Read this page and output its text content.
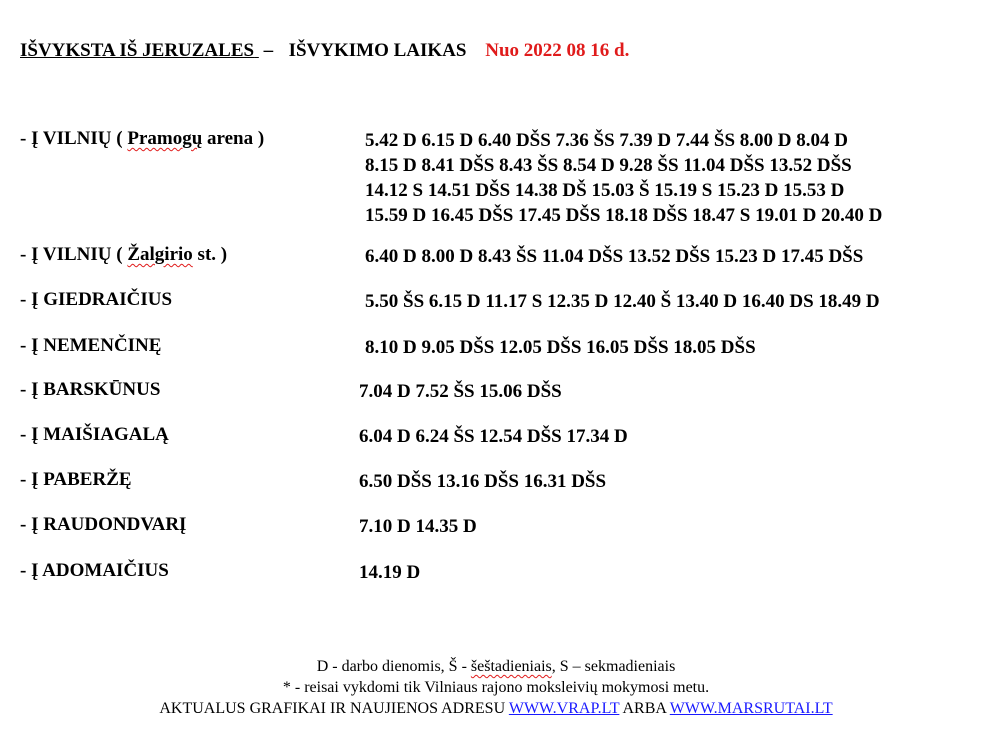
IŠVYKSTA IŠ JERUZALES  – IŠVYKIMO LAIKAS Nuo 2022 08 16 d.
- Į VILNIŲ ( Pramogų arena )	5.42 D 6.15 D 6.40 DŠS 7.36 ŠS 7.39 D 7.44 ŠS 8.00 D 8.04 D
8.15 D 8.41 DŠS 8.43 ŠS 8.54 D 9.28 ŠS 11.04 DŠS 13.52 DŠS
14.12 S 14.51 DŠS 14.38 DŠ 15.03 Š 15.19 S 15.23 D 15.53 D
15.59 D 16.45 DŠS 17.45 DŠS 18.18 DŠS 18.47 S 19.01 D 20.40 D
- Į VILNIŲ ( Žalgirio st. )	6.40 D 8.00 D 8.43 ŠS 11.04 DŠS 13.52 DŠS 15.23 D 17.45 DŠS
- Į GIEDRAIČIUS	5.50 ŠS 6.15 D 11.17 S 12.35 D 12.40 Š 13.40 D 16.40 DS 18.49 D
- Į NEMENČINĘ	8.10 D 9.05 DŠS 12.05 DŠS 16.05 DŠS 18.05 DŠS
- Į BARSKŪNUS	7.04 D 7.52 ŠS 15.06 DŠS
- Į MAIŠIAGALĄ	6.04 D 6.24 ŠS 12.54 DŠS 17.34 D
- Į PABERŽĘ	6.50 DŠS 13.16 DŠS 16.31 DŠS
- Į RAUDONDVARĮ	7.10 D 14.35 D
- Į ADOMAIČIUS	14.19 D
D - darbo dienomis, Š - šeštadieniais, S – sekmadieniais
* - reisai vykdomi tik Vilniaus rajono moksleivių mokymosi metu.
AKTUALUS GRAFIKAI IR NAUJIENOS ADRESU WWW.VRAP.LT ARBA WWW.MARSRUTAI.LT
